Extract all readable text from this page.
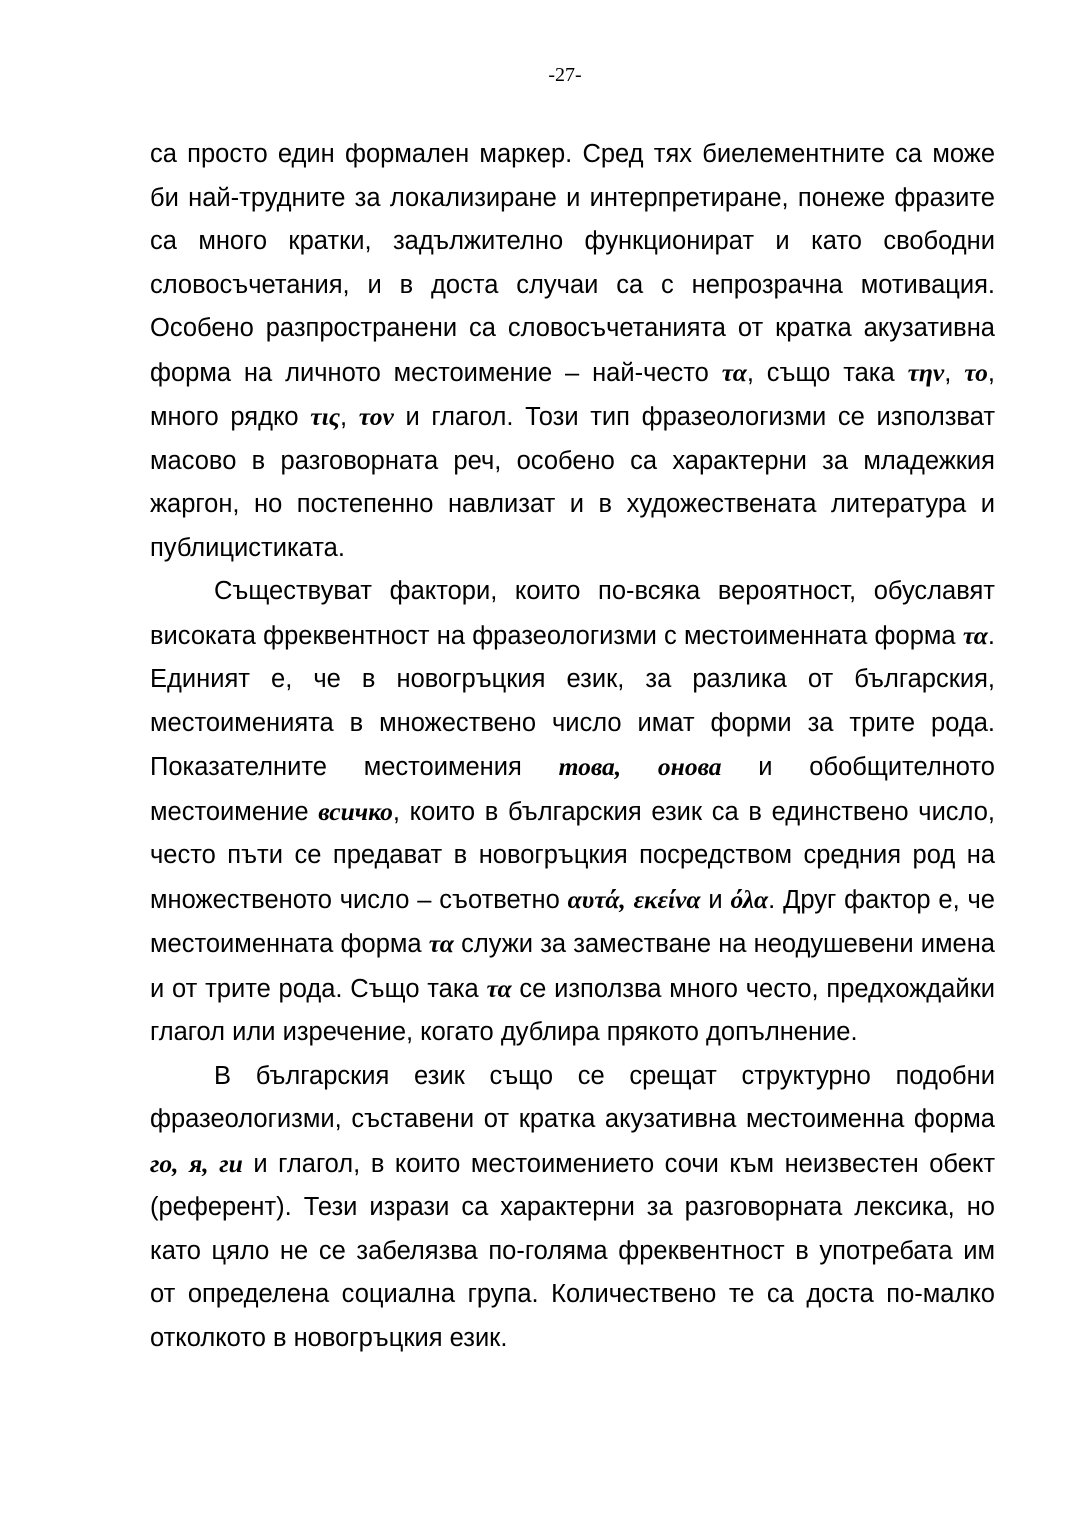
-27-

са просто един формален маркер. Сред тях биелементните са може би най-трудните за локализиране и интерпретиране, понеже фразите са много кратки, задължително функционират и като свободни словосъчетания, и в доста случаи са с непрозрачна мотивация. Особено разпространени са словосъчетанията от кратка акузативна форма на личното местоимение – най-често τα, също така την, το, много рядко τις, τον и глагол. Този тип фразеологизми се използват масово в разговорната реч, особено са характерни за младежкия жаргон, но постепенно навлизат и в художествената литература и публицистиката.

Съществуват фактори, които по-всяка вероятност, обуславят високата фреквентност на фразеологизми с местоименната форма τα. Единият е, че в новогръцкия език, за разлика от българския, местоименията в множествено число имат форми за трите рода. Показателните местоимения това, онова и обобщителното местоимение всичко, които в българския език са в единствено число, често пъти се предават в новогръцкия посредством средния род на множественото число – съответно αυτά, εκείνα и όλα. Друг фактор е, че местоименната форма τα служи за заместване на неодушевени имена и от трите рода. Също така τα се използва много често, предхождайки глагол или изречение, когато дублира прякото допълнение.

В българския език също се срещат структурно подобни фразеологизми, съставени от кратка акузативна местоименна форма го, я, ги и глагол, в които местоимението сочи към неизвестен обект (референт). Тези изрази са характерни за разговорната лексика, но като цяло не се забелязва по-голяма фреквентност в употребата им от определена социална група. Количествено те са доста по-малко отколкото в новогръцкия език.
